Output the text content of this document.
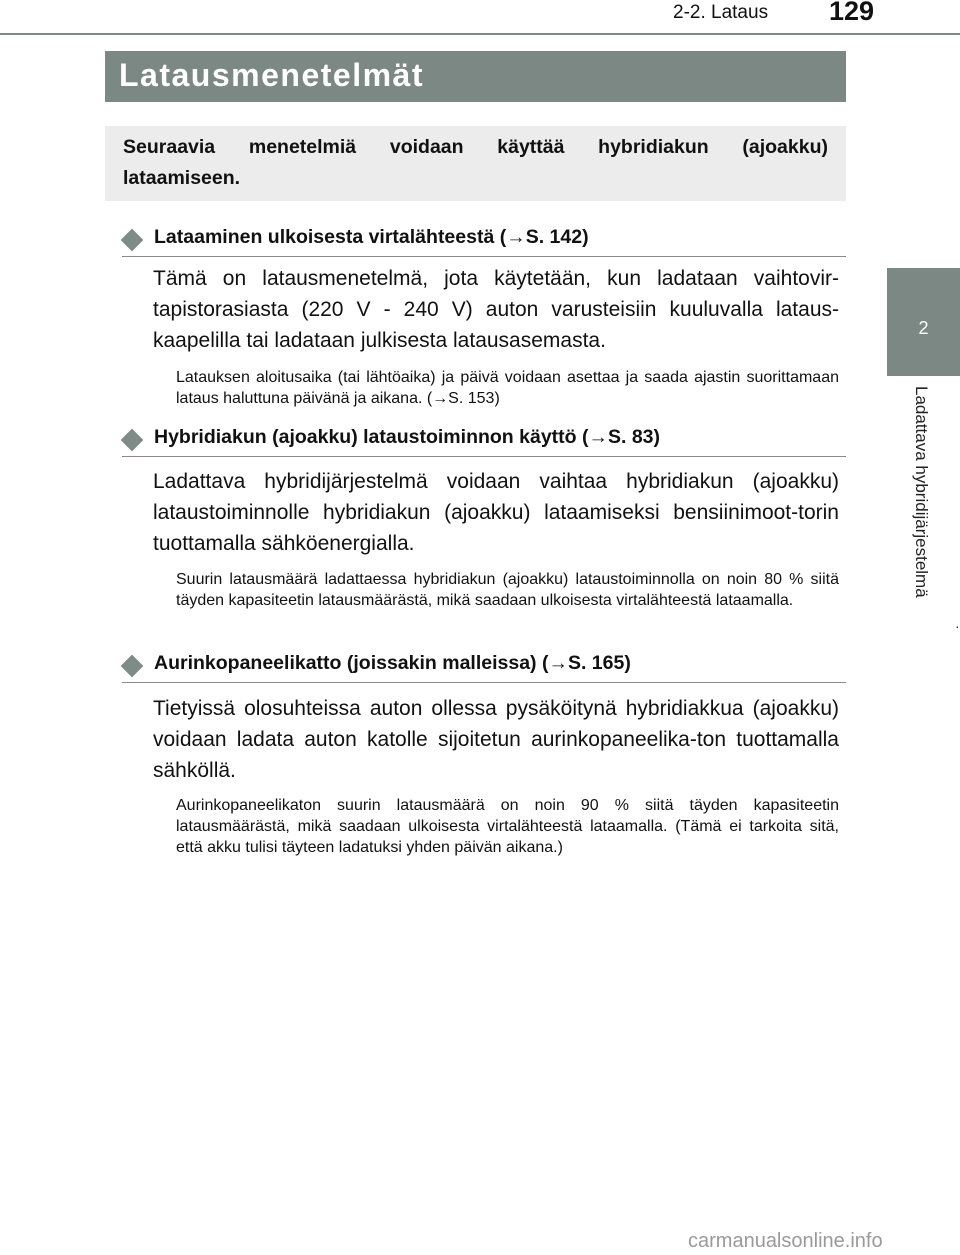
2-2. Lataus 129
Latausmenetelmät
Seuraavia menetelmiä voidaan käyttää hybridiakun (ajoakku) lataamiseen.
2
Ladattava hybridijärjestelmä
·
Lataaminen ulkoisesta virtalähteestä (→S. 142)
Tämä on latausmenetelmä, jota käytetään, kun ladataan vaihtovir-tapistorasiasta (220 V - 240 V) auton varusteisiin kuuluvalla lataus-kaapelilla tai ladataan julkisesta latausasemasta.
Latauksen aloitusaika (tai lähtöaika) ja päivä voidaan asettaa ja saada ajastin suorittamaan lataus haluttuna päivänä ja aikana. (→S. 153)
Hybridiakun (ajoakku) lataustoiminnon käyttö (→S. 83)
Ladattava hybridijärjestelmä voidaan vaihtaa hybridiakun (ajoakku) lataustoiminnolle hybridiakun (ajoakku) lataamiseksi bensiinimoot-torin tuottamalla sähköenergialla.
Suurin latausmäärä ladattaessa hybridiakun (ajoakku) lataustoiminnolla on noin 80 % siitä täyden kapasiteetin latausmäärästä, mikä saadaan ulkoisesta virtalähteestä lataamalla.
Aurinkopaneelikatto (joissakin malleissa) (→S. 165)
Tietyissä olosuhteissa auton ollessa pysäköitynä hybridiakkua (ajoakku) voidaan ladata auton katolle sijoitetun aurinkopaneelika-ton tuottamalla sähköllä.
Aurinkopaneelikaton suurin latausmäärä on noin 90 % siitä täyden kapasiteetin latausmäärästä, mikä saadaan ulkoisesta virtalähteestä lataamalla. (Tämä ei tarkoita sitä, että akku tulisi täyteen ladatuksi yhden päivän aikana.)
carmanualsonline.info
